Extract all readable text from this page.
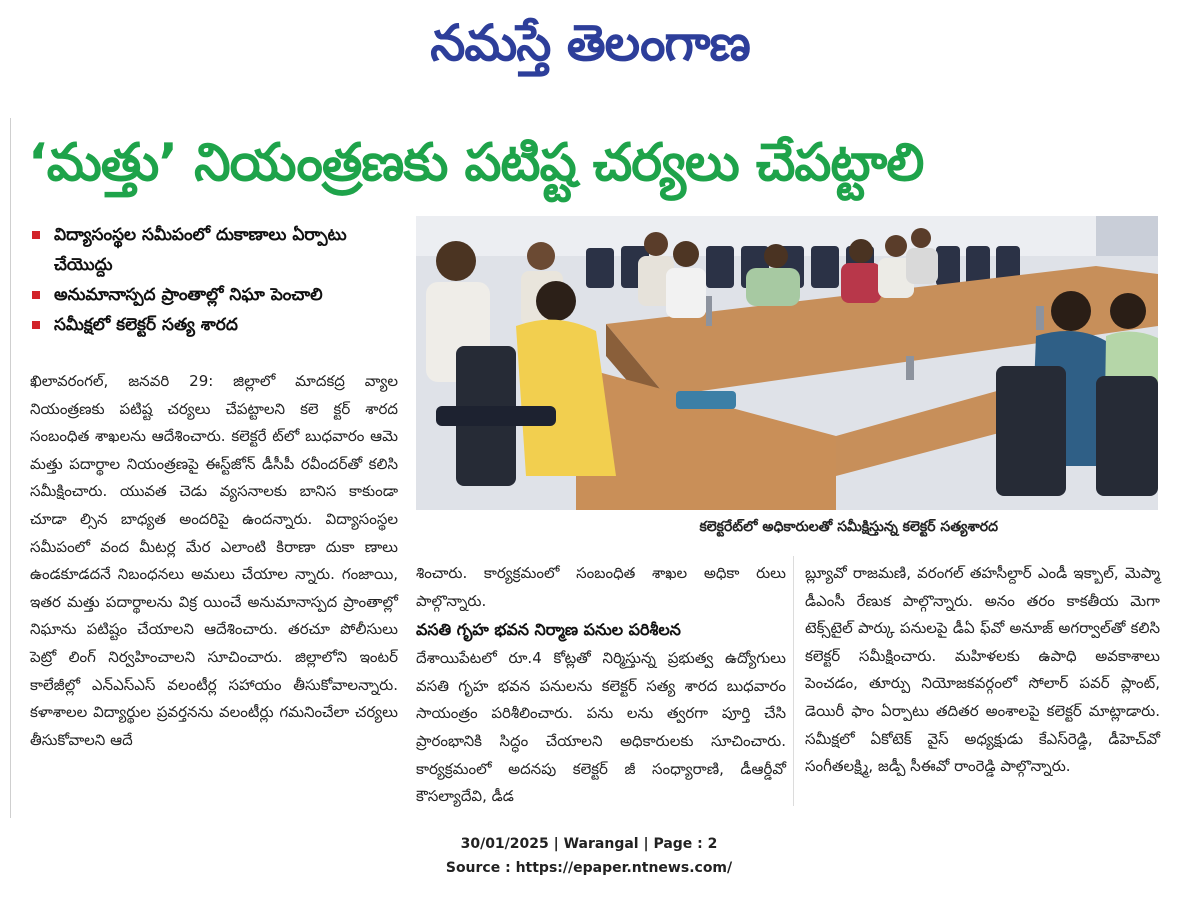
నమస్తే తెలంగాణ
‘మత్తు’ నియంత్రణకు పటిష్ట చర్యలు చేపట్టాలి
విద్యాసంస్థల సమీపంలో దుకాణాలు ఏర్పాటు చేయొద్దు
అనుమానాస్పద ప్రాంతాల్లో నిఘా పెంచాలి
సమీక్షలో కలెక్టర్‌ సత్య శారద
ఖిలావరంగల్‌, జనవరి 29: జిల్లాలో మాదకద్ర వ్యాల నియంత్రణకు పటిష్ట చర్యలు చేపట్టాలని కలె క్టర్‌ శారద సంబంధిత శాఖలను ఆదేశించారు. కలెక్టరే ట్‌లో బుధవారం ఆమె మత్తు పదార్థాల నియంత్రణపై ఈస్ట్‌జోన్‌ డీసీపీ రవీందర్‌తో కలిసి సమీక్షించారు. యువత చెడు వ్యసనాలకు బానిస కాకుండా చూడా ల్సిన బాధ్యత అందరిపై ఉందన్నారు. విద్యాసంస్థల సమీపంలో వంద మీటర్ల మేర ఎలాంటి కిరాణా దుకా ణాలు ఉండకూడదనే నిబంధనలు అమలు చేయాల న్నారు. గంజాయి, ఇతర మత్తు పదార్థాలను విక్ర యించే అనుమానాస్పద ప్రాంతాల్లో నిఘాను పటిష్టం చేయాలని ఆదేశించారు. తరచూ పోలీసులు పెట్రో లింగ్‌ నిర్వహించాలని సూచించారు. జిల్లాలోని ఇంటర్‌ కాలేజీల్లో ఎన్‌ఎస్‌ఎస్‌ వలంటీర్ల సహాయం తీసుకోవాలన్నారు. కళాశాలల విద్యార్థుల ప్రవర్తనను వలంటీర్లు గమనించేలా చర్యలు తీసుకోవాలని ఆదే
కలెక్టరేట్‌లో అధికారులతో సమీక్షిస్తున్న కలెక్టర్‌ సత్యశారద
శించారు. కార్యక్రమంలో సంబంధిత శాఖల అధికా రులు పాల్గొన్నారు.
వసతి గృహ భవన నిర్మాణ పనుల పరిశీలన
దేశాయిపేటలో రూ.4 కోట్లతో నిర్మిస్తున్న ప్రభుత్వ ఉద్యోగులు వసతి గృహ భవన పనులను కలెక్టర్‌ సత్య శారద బుధవారం సాయంత్రం పరిశీలించారు. పను లను త్వరగా పూర్తి చేసి ప్రారంభానికి సిద్ధం చేయాలని అధికారులకు సూచించారు. కార్యక్రమంలో అదనపు కలెక్టర్‌ జీ సంధ్యారాణి, డీఆర్డీవో కౌసల్యాదేవి, డీడ
బ్ల్యూవో రాజమణి, వరంగల్‌ తహసీల్దార్‌ ఎండీ ఇక్బాల్‌, మెప్మా డీఎంసీ రేణుక పాల్గొన్నారు. అనం తరం కాకతీయ మెగా టెక్స్‌టైల్‌ పార్కు పనులపై డీఏ ఫ్‌వో అనూజ్‌ అగర్వాల్‌తో కలిసి కలెక్టర్‌ సమీక్షించారు. మహిళలకు ఉపాధి అవకాశాలు పెంచడం, తూర్పు నియోజకవర్గంలో సోలార్‌ పవర్‌ ప్లాంట్‌, డెయిరీ ఫాం ఏర్పాటు తదితర అంశాలపై కలెక్టర్‌ మాట్లాడారు. సమీక్షలో ఏకోటెక్‌ వైస్‌ అధ్యక్షుడు కేఎస్‌రెడ్డి, డీహెచ్‌వో సంగీతలక్ష్మి, జడ్పీ సీఈవో రాంరెడ్డి పాల్గొన్నారు.
30/01/2025 | Warangal | Page : 2
Source : https://epaper.ntnews.com/
